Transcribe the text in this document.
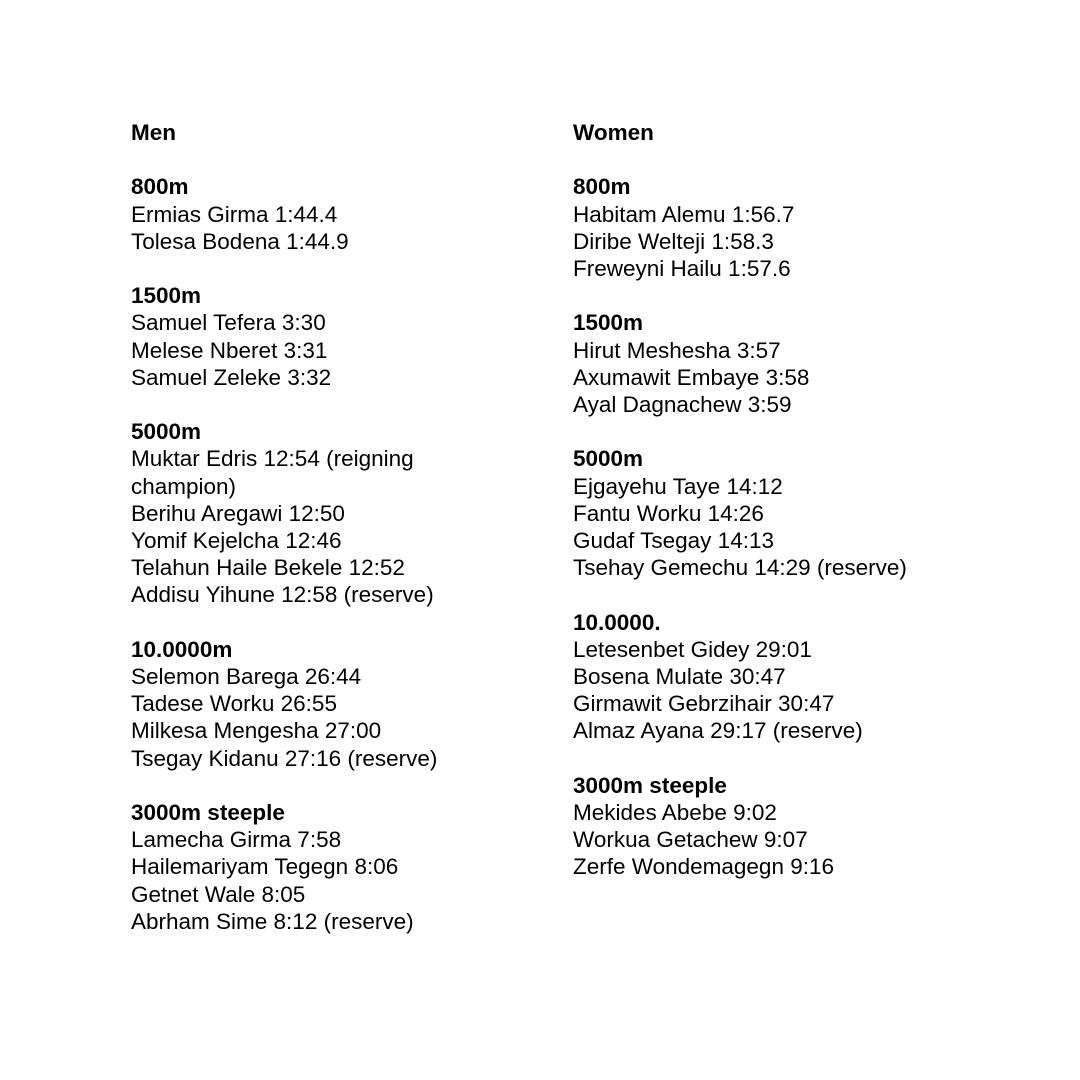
Men
800m
Ermias Girma 1:44.4
Tolesa Bodena 1:44.9
1500m
Samuel Tefera 3:30
Melese Nberet 3:31
Samuel Zeleke 3:32
5000m
Muktar Edris 12:54 (reigning champion)
Berihu Aregawi 12:50
Yomif Kejelcha 12:46
Telahun Haile Bekele 12:52
Addisu Yihune 12:58 (reserve)
10.0000m
Selemon Barega 26:44
Tadese Worku 26:55
Milkesa Mengesha 27:00
Tsegay Kidanu 27:16 (reserve)
3000m steeple
Lamecha Girma 7:58
Hailemariyam Tegegn 8:06
Getnet Wale 8:05
Abrham Sime 8:12 (reserve)
Women
800m
Habitam Alemu 1:56.7
Diribe Welteji 1:58.3
Freweyni Hailu 1:57.6
1500m
Hirut Meshesha 3:57
Axumawit Embaye 3:58
Ayal Dagnachew 3:59
5000m
Ejgayehu Taye 14:12
Fantu Worku 14:26
Gudaf Tsegay 14:13
Tsehay Gemechu 14:29 (reserve)
10.0000.
Letesenbet Gidey 29:01
Bosena Mulate 30:47
Girmawit Gebrzihair 30:47
Almaz Ayana 29:17 (reserve)
3000m steeple
Mekides Abebe 9:02
Workua Getachew 9:07
Zerfe Wondemagegn 9:16
